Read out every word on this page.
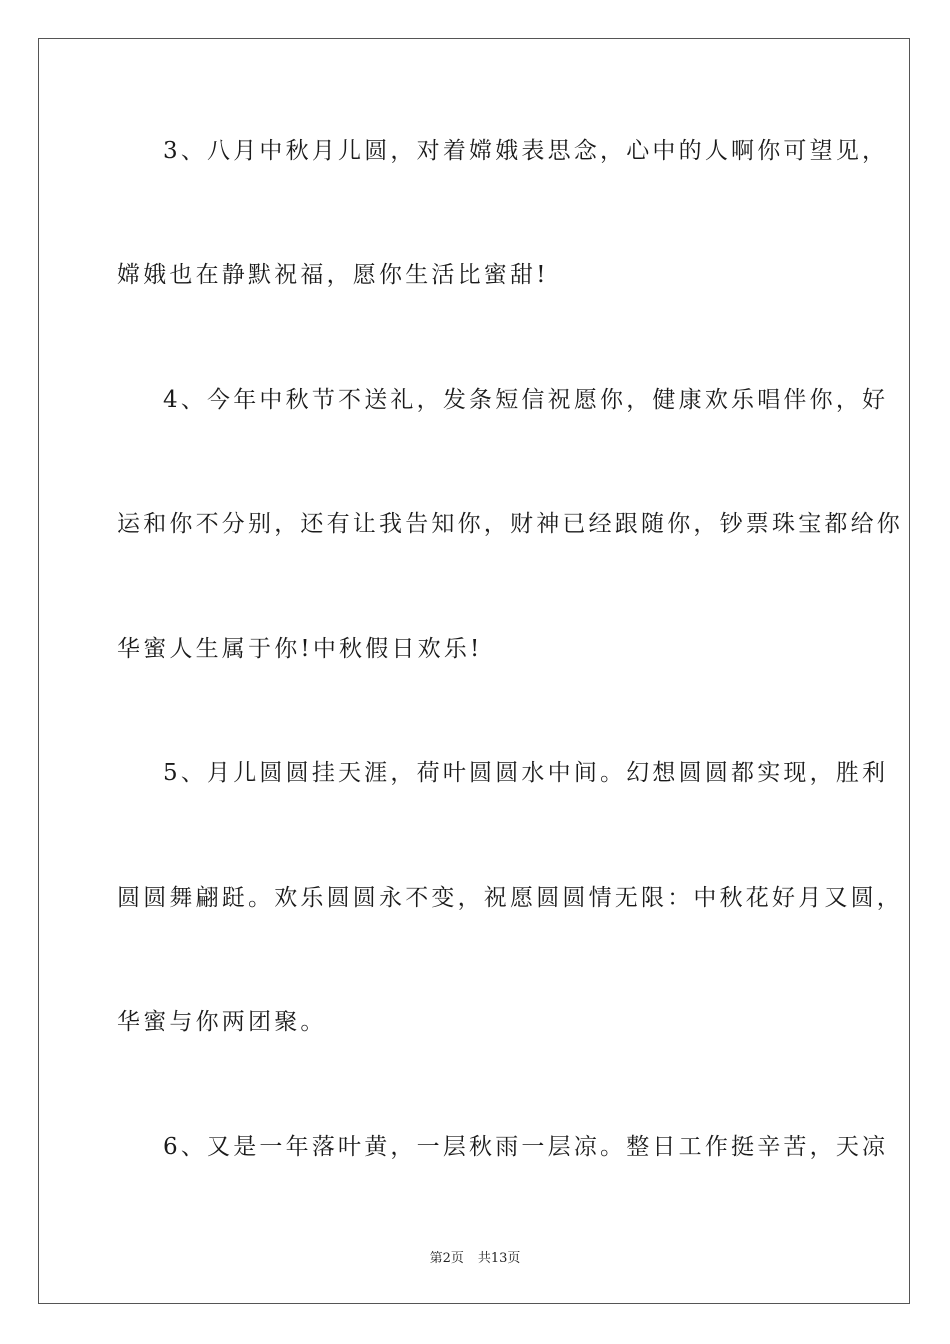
3、八月中秋月儿圆，对着嫦娥表思念，心中的人啊你可望见，
嫦娥也在静默祝福，愿你生活比蜜甜!
4、今年中秋节不送礼，发条短信祝愿你，健康欢乐唱伴你，好
运和你不分别，还有让我告知你，财神已经跟随你，钞票珠宝都给你
华蜜人生属于你!中秋假日欢乐!
5、月儿圆圆挂天涯，荷叶圆圆水中间。幻想圆圆都实现，胜利
圆圆舞翩跹。欢乐圆圆永不变，祝愿圆圆情无限：中秋花好月又圆，
华蜜与你两团聚。
6、又是一年落叶黄，一层秋雨一层凉。整日工作挺辛苦，天凉
第2页 共13页
